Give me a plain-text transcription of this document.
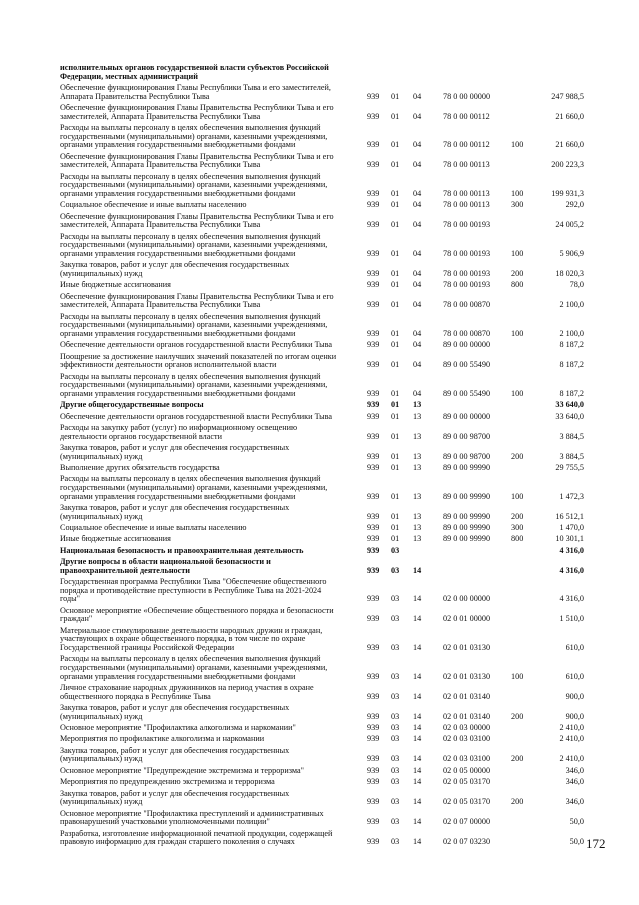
исполнительных органов государственной власти субъектов Российской
Федерации, местных администраций
Обеспечение функционирования Главы Республики Тыва и его заместителей,
Аппарата Правительства Республики Тыва	939 01 04	78 0 00 00000	247 988,5
Обеспечение функционирования Главы Правительства Республики Тыва и его
заместителей, Аппарата Правительства Республики Тыва	939 01 04	78 0 00 00112	21 660,0
Расходы на выплаты персоналу в целях обеспечения выполнения функций
государственными (муниципальными) органами, казенными учреждениями,
органами управления государственными внебюджетными фондами	939 01 04	78 0 00 00112	100	21 660,0
Обеспечение функционирования Главы Правительства Республики Тыва и его
заместителей, Аппарата Правительства Республики Тыва	939 01 04	78 0 00 00113	200 223,3
Расходы на выплаты персоналу в целях обеспечения выполнения функций
государственными (муниципальными) органами, казенными учреждениями,
органами управления государственными внебюджетными фондами	939 01 04	78 0 00 00113	100	199 931,3
Социальное обеспечение и иные выплаты населению	939 01 04	78 0 00 00113	300	292,0
Обеспечение функционирования Главы Правительства Республики Тыва и его
заместителей, Аппарата Правительства Республики Тыва	939 01 04	78 0 00 00193	24 005,2
Расходы на выплаты персоналу в целях обеспечения выполнения функций
государственными (муниципальными) органами, казенными учреждениями,
органами управления государственными внебюджетными фондами	939 01 04	78 0 00 00193	100	5 906,9
Закупка товаров, работ и услуг для обеспечения государственных
(муниципальных) нужд	939 01 04	78 0 00 00193	200	18 020,3
Иные бюджетные ассигнования	939 01 04	78 0 00 00193	800	78,0
Обеспечение функционирования Главы Правительства Республики Тыва и его
заместителей, Аппарата Правительства Республики Тыва	939 01 04	78 0 00 00870	2 100,0
Расходы на выплаты персоналу в целях обеспечения выполнения функций
государственными (муниципальными) органами, казенными учреждениями,
органами управления государственными внебюджетными фондами	939 01 04	78 0 00 00870	100	2 100,0
Обеспечение деятельности органов государственной власти Республики Тыва	939 01 04	89 0 00 00000	8 187,2
Поощрение за достижение наилучших значений показателей по итогам оценки
эффективности деятельности органов исполнительной власти	939 01 04	89 0 00 55490	8 187,2
Расходы на выплаты персоналу в целях обеспечения выполнения функций
государственными (муниципальными) органами, казенными учреждениями,
органами управления государственными внебюджетными фондами	939 01 04	89 0 00 55490	100	8 187,2
Другие общегосударственные вопросы	939 01 13	33 640,0
Обеспечение деятельности органов государственной власти Республики Тыва	939 01 13	89 0 00 00000	33 640,0
Расходы на закупку работ (услуг) по информационному освещению
деятельности органов государственной власти	939 01 13	89 0 00 98700	3 884,5
Закупка товаров, работ и услуг для обеспечения государственных
(муниципальных) нужд	939 01 13	89 0 00 98700	200	3 884,5
Выполнение других обязательств государства	939 01 13	89 0 00 99990	29 755,5
Расходы на выплаты персоналу в целях обеспечения выполнения функций
государственными (муниципальными) органами, казенными учреждениями,
органами управления государственными внебюджетными фондами	939 01 13	89 0 00 99990	100	1 472,3
Закупка товаров, работ и услуг для обеспечения государственных
(муниципальных) нужд	939 01 13	89 0 00 99990	200	16 512,1
Социальное обеспечение и иные выплаты населению	939 01 13	89 0 00 99990	300	1 470,0
Иные бюджетные ассигнования	939 01 13	89 0 00 99990	800	10 301,1
Национальная безопасность и правоохранительная деятельность	939 03	4 316,0
Другие вопросы в области национальной безопасности и
правоохранительной деятельности	939 03 14	4 316,0
Государственная программа Республики Тыва "Обеспечение общественного
порядка и противодействие преступности в Республике Тыва на 2021-2024
годы"	939 03 14	02 0 00 00000	4 316,0
Основное мероприятие «Обеспечение общественного порядка и безопасности
граждан"	939 03 14	02 0 01 00000	1 510,0
Материальное стимулирование деятельности народных дружин и граждан,
участвующих в охране общественного порядка, в том числе по охране
Государственной границы Российской Федерации	939 03 14	02 0 01 03130	610,0
Расходы на выплаты персоналу в целях обеспечения выполнения функций
государственными (муниципальными) органами, казенными учреждениями,
органами управления государственными внебюджетными фондами	939 03 14	02 0 01 03130	100	610,0
Личное страхование народных дружинников на период участия в охране
общественного порядка в Республике Тыва	939 03 14	02 0 01 03140	900,0
Закупка товаров, работ и услуг для обеспечения государственных
(муниципальных) нужд	939 03 14	02 0 01 03140	200	900,0
Основное мероприятие "Профилактика алкоголизма и наркомании"	939 03 14	02 0 03 00000	2 410,0
Мероприятия по профилактике алкоголизма и наркомании	939 03 14	02 0 03 03100	2 410,0
Закупка товаров, работ и услуг для обеспечения государственных
(муниципальных) нужд	939 03 14	02 0 03 03100	200	2 410,0
Основное мероприятие "Предупреждение экстремизма и терроризма"	939 03 14	02 0 05 00000	346,0
Мероприятия по предупреждению экстремизма и терроризма	939 03 14	02 0 05 03170	346,0
Закупка товаров, работ и услуг для обеспечения государственных
(муниципальных) нужд	939 03 14	02 0 05 03170	200	346,0
Основное мероприятие "Профилактика преступлений и административных
правонарушений участковыми уполномоченными полиции"	939 03 14	02 0 07 00000	50,0
Разработка, изготовление информационной печатной продукции, содержащей
правовую информацию для граждан старшего поколения о случаях	939 03 14	02 0 07 03230	50,0 172
